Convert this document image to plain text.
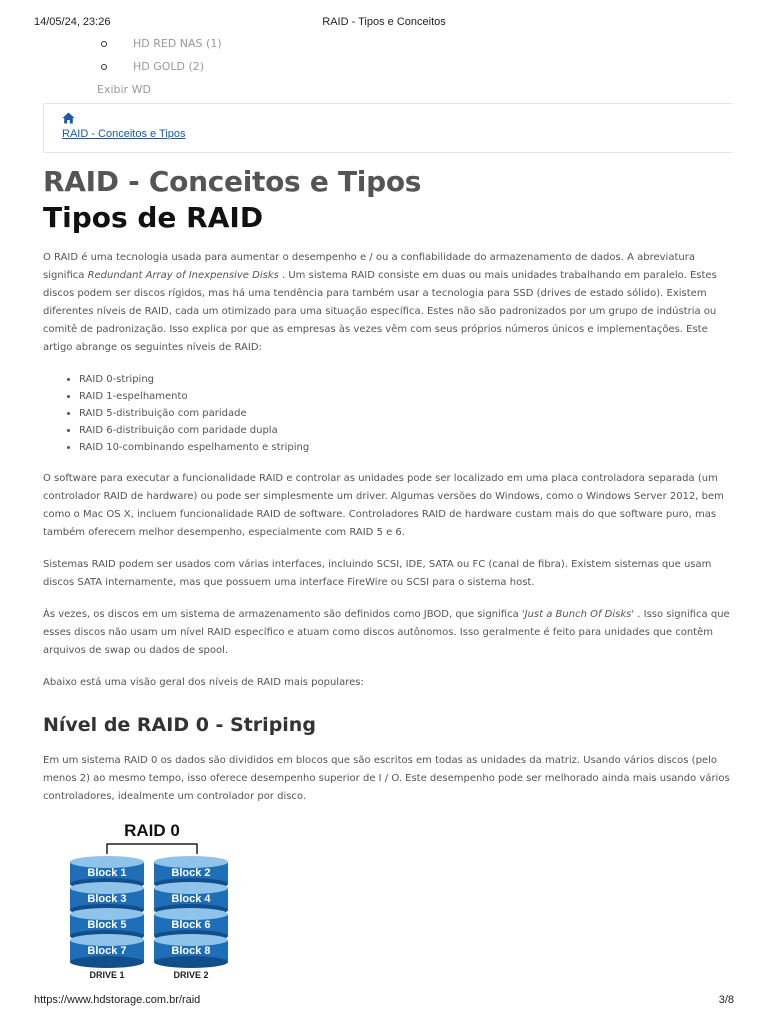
14/05/24, 23:26	RAID - Tipos e Conceitos
HD RED NAS (1)
HD GOLD (2)
Exibir WD
RAID - Conceitos e Tipos
RAID - Conceitos e Tipos
Tipos de RAID

O RAID é uma tecnologia usada para aumentar o desempenho e / ou a confiabilidade do armazenamento de dados. A abreviatura
significa Redundant Array of Inexpensive Disks . Um sistema RAID consiste em duas ou mais unidades trabalhando em paralelo. Estes
discos podem ser discos rígidos, mas há uma tendência para também usar a tecnologia para SSD (drives de estado sólido). Existem
diferentes níveis de RAID, cada um otimizado para uma situação específica. Estes não são padronizados por um grupo de indústria ou
comitê de padronização. Isso explica por que as empresas às vezes vêm com seus próprios números únicos e implementações. Este
artigo abrange os seguintes níveis de RAID:

• RAID 0-striping
• RAID 1-espelhamento
• RAID 5-distribuição com paridade
• RAID 6-distribuição com paridade dupla
• RAID 10-combinando espelhamento e striping

O software para executar a funcionalidade RAID e controlar as unidades pode ser localizado em uma placa controladora separada (um
controlador RAID de hardware) ou pode ser simplesmente um driver. Algumas versões do Windows, como o Windows Server 2012, bem
como o Mac OS X, incluem funcionalidade RAID de software. Controladores RAID de hardware custam mais do que software puro, mas
também oferecem melhor desempenho, especialmente com RAID 5 e 6.

Sistemas RAID podem ser usados com várias interfaces, incluindo SCSI, IDE, SATA ou FC (canal de fibra). Existem sistemas que usam
discos SATA internamente, mas que possuem uma interface FireWire ou SCSI para o sistema host.

Às vezes, os discos em um sistema de armazenamento são definidos como JBOD, que significa 'Just a Bunch Of Disks' . Isso significa que
esses discos não usam um nível RAID específico e atuam como discos autônomos. Isso geralmente é feito para unidades que contêm
arquivos de swap ou dados de spool.

Abaixo está uma visão geral dos níveis de RAID mais populares:

Nível de RAID 0 - Striping

Em um sistema RAID 0 os dados são divididos em blocos que são escritos em todas as unidades da matriz. Usando vários discos (pelo
menos 2) ao mesmo tempo, isso oferece desempenho superior de I / O. Este desempenho pode ser melhorado ainda mais usando vários
controladores, idealmente um controlador por disco.

RAID 0
Block 1
Block 3
Block 5
Block 7
DRIVE 1
Block 2
Block 4
Block 6
Block 8
DRIVE 2
https://www.hdstorage.com.br/raid	3/8
